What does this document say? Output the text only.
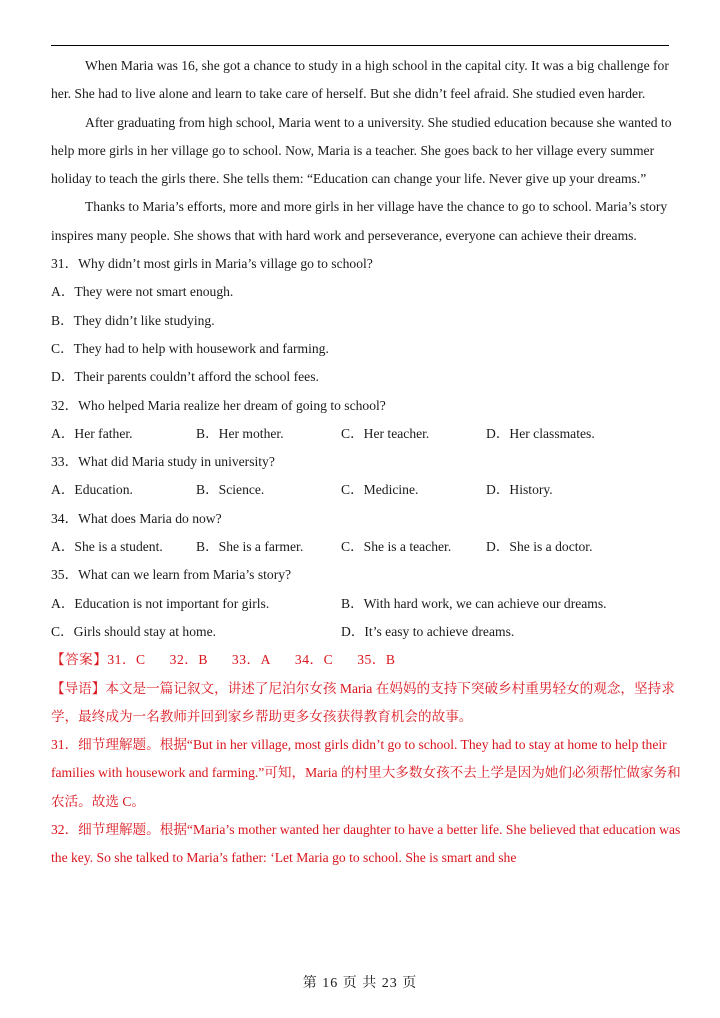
When Maria was 16, she got a chance to study in a high school in the capital city. It was a big challenge for her. She had to live alone and learn to take care of herself. But she didn’t feel afraid. She studied even harder.

After graduating from high school, Maria went to a university. She studied education because she wanted to help more girls in her village go to school. Now, Maria is a teacher. She goes back to her village every summer holiday to teach the girls there. She tells them: “Education can change your life. Never give up your dreams.”

Thanks to Maria’s efforts, more and more girls in her village have the chance to go to school. Maria’s story inspires many people. She shows that with hard work and perseverance, everyone can achieve their dreams.

31．Why didn’t most girls in Maria’s village go to school?

A．They were not smart enough.

B．They didn’t like studying.

C．They had to help with housework and farming.

D．Their parents couldn’t afford the school fees.

32．Who helped Maria realize her dream of going to school?

A．Her father.	B．Her mother.	C．Her teacher.	D．Her classmates.

33．What did Maria study in university?

A．Education.	B．Science.	C．Medicine.	D．History.

34．What does Maria do now?

A．She is a student.	B．She is a farmer.	C．She is a teacher.	D．She is a doctor.

35．What can we learn from Maria’s story?

A．Education is not important for girls.	B．With hard work, we can achieve our dreams.
C．Girls should stay at home.	D．It’s easy to achieve dreams.

【答案】31．C 32．B 33．A 34．C 35．B

【导语】本文是一篇记叙文，讲述了尼泊尔女孩 Maria 在妈妈的支持下突破乡村重男轻女的观念，坚持求学，最终成为一名教师并回到家乡帮助更多女孩获得教育机会的故事。

31．细节理解题。根据“But in her village, most girls didn’t go to school. They had to stay at home to help their families with housework and farming.”可知，Maria 的村里大多数女孩不去上学是因为她们必须帮忙做家务和农活。故选 C。

32．细节理解题。根据“Maria’s mother wanted her daughter to have a better life. She believed that education was the key. So she talked to Maria’s father: ‘Let Maria go to school. She is smart and she

第 16 页 共 23 页
